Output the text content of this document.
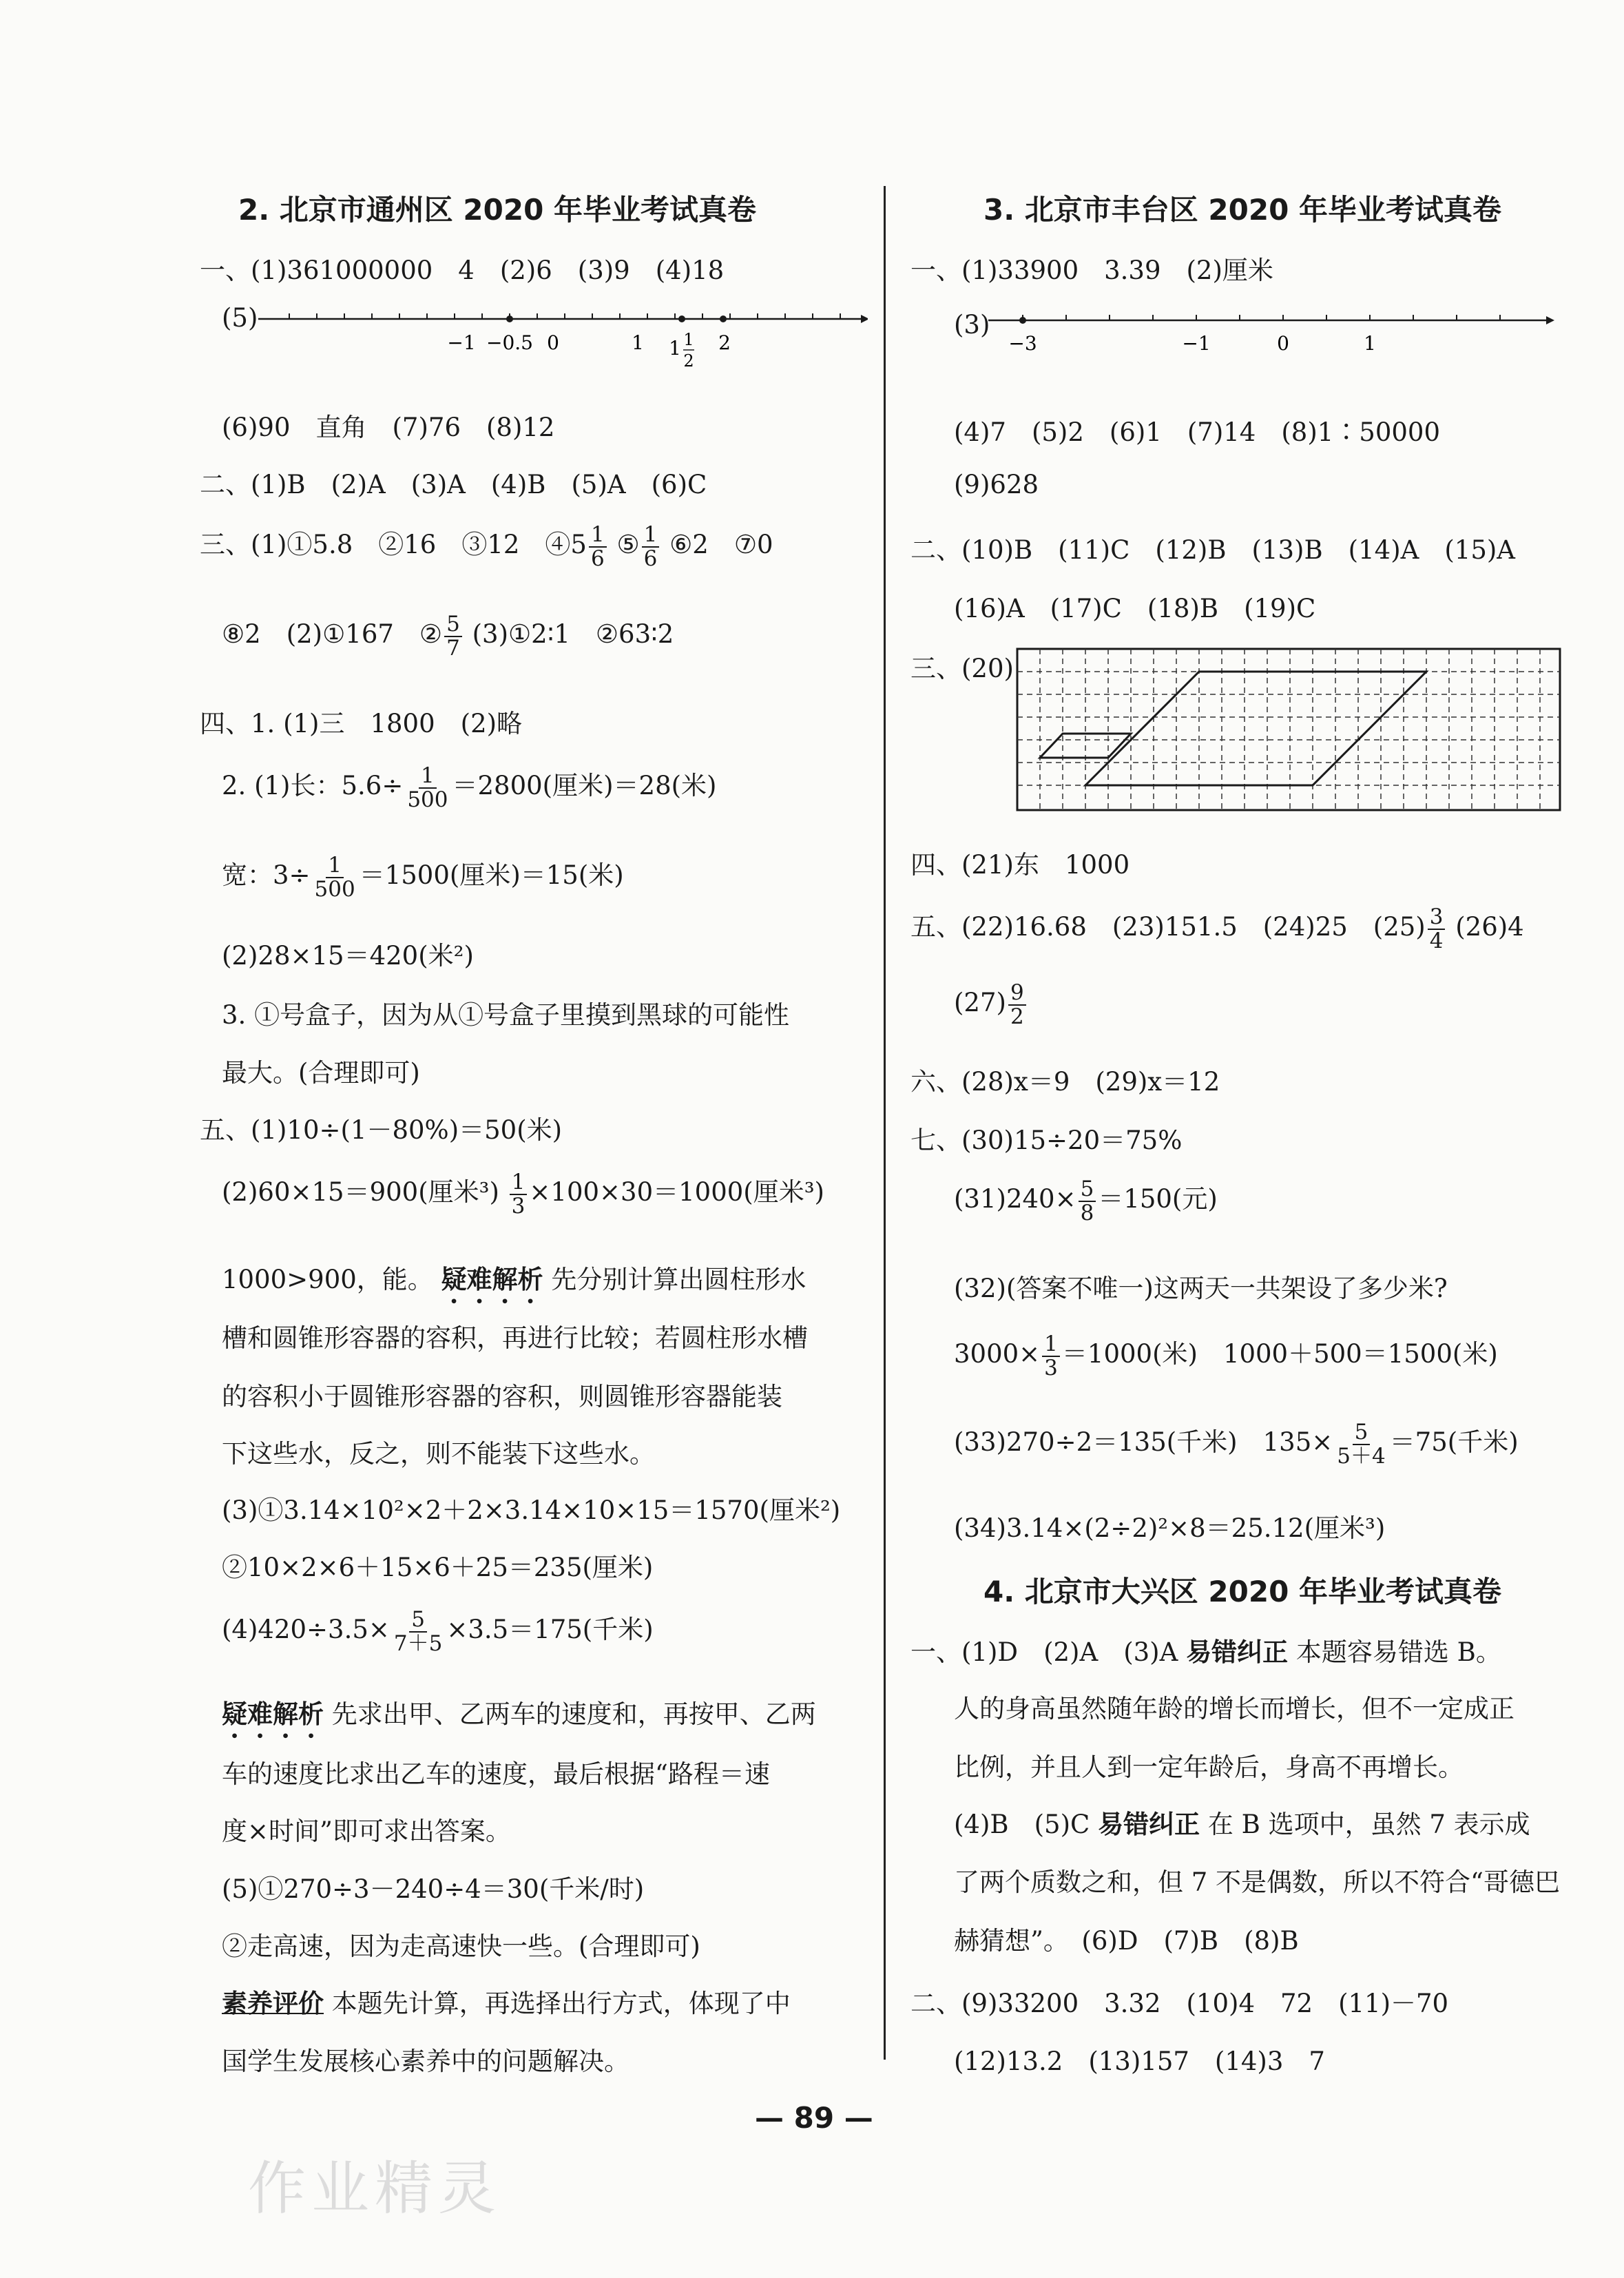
2. 北京市通州区 2020 年毕业考试真卷
一、(1)361000000　4　(2)6　(3)9　(4)18
(5)
−1 −0.5 0	1	2
1 1
2
(6)90　直角　(7)76　(8)12
二、(1)B　(2)A　(3)A　(4)B　(5)A　(6)C
三、(1)①5.8　②16　③12　④5 $\frac{1}{6}$ ⑤ $\frac{1}{6}$ ⑥2　⑦0
⑧2　(2)①167　② $\frac{5}{7}$ (3)①2∶1　②63∶2
四、1. (1)三　1800　(2)略
2. (1)长：$5.6\div \frac{1}{500} =2800$(厘米)＝28(米)
宽：$3\div \frac{1}{500} =1500$(厘米)＝15(米)
(2)28×15＝420(米²)
3. ①号盒子，因为从①号盒子里摸到黑球的可能性
最大。(合理即可)
五、(1)10÷(1－80%)＝50(米)
(2)60×15＝900(厘米$^3) \frac{1}{3} \times 100\times 30=1000$(厘米³)
1000>900，能。 疑难解析 先分别计算出圆柱形水
槽和圆锥形容器的容积，再进行比较；若圆柱形水槽
的容积小于圆锥形容器的容积，则圆锥形容器能装
下这些水，反之，则不能装下这些水。
(3)①3.14×10²×2＋2×3.14×10×15＝1570(厘米²)
②10×2×6＋15×6＋25＝235(厘米)
$(4)420\div 3.5\times \frac{5}{7+5} \times 3.5=175$(千米)
疑难解析 先求出甲、乙两车的速度和，再按甲、乙两
车的速度比求出乙车的速度，最后根据“路程＝速
度×时间”即可求出答案。
(5)①270÷3－240÷4＝30(千米/时)
②走高速，因为走高速快一些。(合理即可)
素养评价 本题先计算，再选择出行方式，体现了中
国学生发展核心素养中的问题解决。
3. 北京市丰台区 2020 年毕业考试真卷
一、(1)33900　3.39　(2)厘米
(3)
−3	−1	0	1
(4)7　(5)2　(6)1　(7)14　(8)1∶50000
(9)628
二、(10)B　(11)C　(12)B　(13)B　(14)A　(15)A
(16)A　(17)C　(18)B　(19)C
三、(20)
四、(21)东　1000
五、(22)16.68　(23)151.5　(24)25　$(25) \frac{3}{4} (26)4$
$(27) \frac{9}{2}$
六、(28)x＝9　(29)x＝12
七、(30)15÷20＝75%
$(31)240\times \frac{5}{8} =150$(元)
(32)(答案不唯一)这两天一共架设了多少米?
$3000\times \frac{1}{3} =1000$(米)　1000＋500＝1500(米)
(33)270÷2＝135(千米)　$135\times \frac{5}{5+4} =75$(千米)
(34)3.14×(2÷2)²×8＝25.12(厘米³)
4. 北京市大兴区 2020 年毕业考试真卷
一、(1)D　(2)A　(3)A 易错纠正 本题容易错选 B。
人的身高虽然随年龄的增长而增长，但不一定成正
比例，并且人到一定年龄后，身高不再增长。
(4)B　(5)C 易错纠正 在 B 选项中，虽然 7 表示成
了两个质数之和，但 7 不是偶数，所以不符合“哥德巴
赫猜想”。　(6)D　(7)B　(8)B
二、(9)33200　3.32　(10)4　72　(11)－70
(12)13.2　(13)157　(14)3　7
— 89 —
作业精灵
